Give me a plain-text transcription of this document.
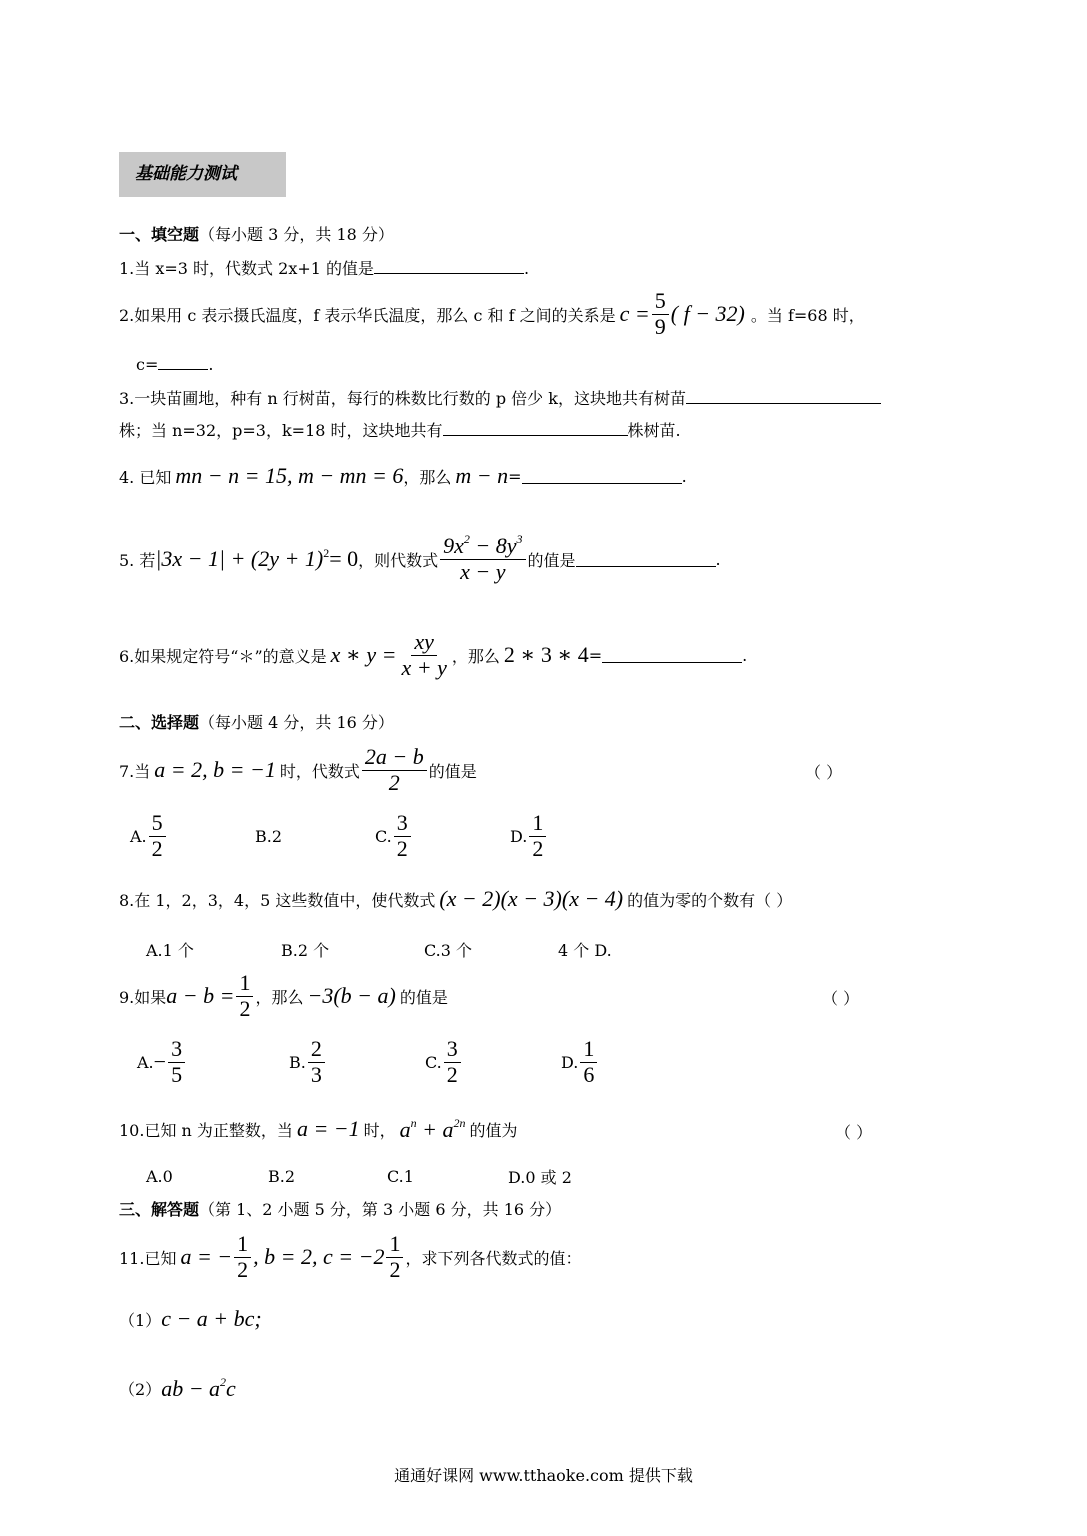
基础能力测试
一、填空题（每小题 3 分，共 18 分）
1.当 x=3 时，代数式 2x+1 的值是	.
2.如果用 c 表示摄氏温度，f 表示华氏温度，那么 c 和 f 之间的关系是 $c = \frac{5}{9}$ ( f − 32) 。当 f=68 时，
c=	.
3.一块苗圃地，种有 n 行树苗，每行的株数比行数的 p 倍少 k，这块地共有树苗
株；当 n=32，p=3，k=18 时，这块地共有	株树苗.
4. 已知 mn − n = 15, m − mn = 6 ，那么 m − n =	.
5. 若 |3x − 1| + (2y + 1) $^2$ = 0 ，则代数式 $\frac{9x^2 - 8y^3}{x - y}$ 的值是	.
6.如果规定符号“＊”的意义是 x ∗ $y = \frac{xy}{x + y}$ ，那么 2 ∗ 3 ∗ 4 =	.
二、选择题（每小题 4 分，共 16 分）
7.当 a = 2, b = −1 时，代数式 $\frac{2a - b}{2}$ 的值是	（ ）
A. $\frac{5}{2}$	B.2	C. $\frac{3}{2}$	D. $\frac{1}{2}$
8.在 1，2，3，4，5 这些数值中，使代数式 (x − 2)(x − 3)(x − 4) 的值为零的个数有（ ）
A.1 个	B.2 个	C.3 个	4 个 D.
9.如果 $a - b = \frac{1}{2}$ ，那么 −3(b − a) 的值是	（ ）
A. − $\frac{3}{5}$	B. $\frac{2}{3}$	C. $\frac{3}{2}$	D. $\frac{1}{6}$
10.已知 n 为正整数，当 a = −1 时， $a^n + a^{2n}$ 的值为	（ ）
A.0	B.2	C.1	D.0 或 2
三、解答题（第 1、2 小题 5 分，第 3 小题 6 分，共 16 分）
11.已知 a = − $\frac{1}{2}$ , b = 2, $c = -2 \frac{1}{2}$ ，求下列各代数式的值：
（1） c − a + bc;
（2） ab − $a^2c$
通通好课网 www.tthaoke.com 提供下载
